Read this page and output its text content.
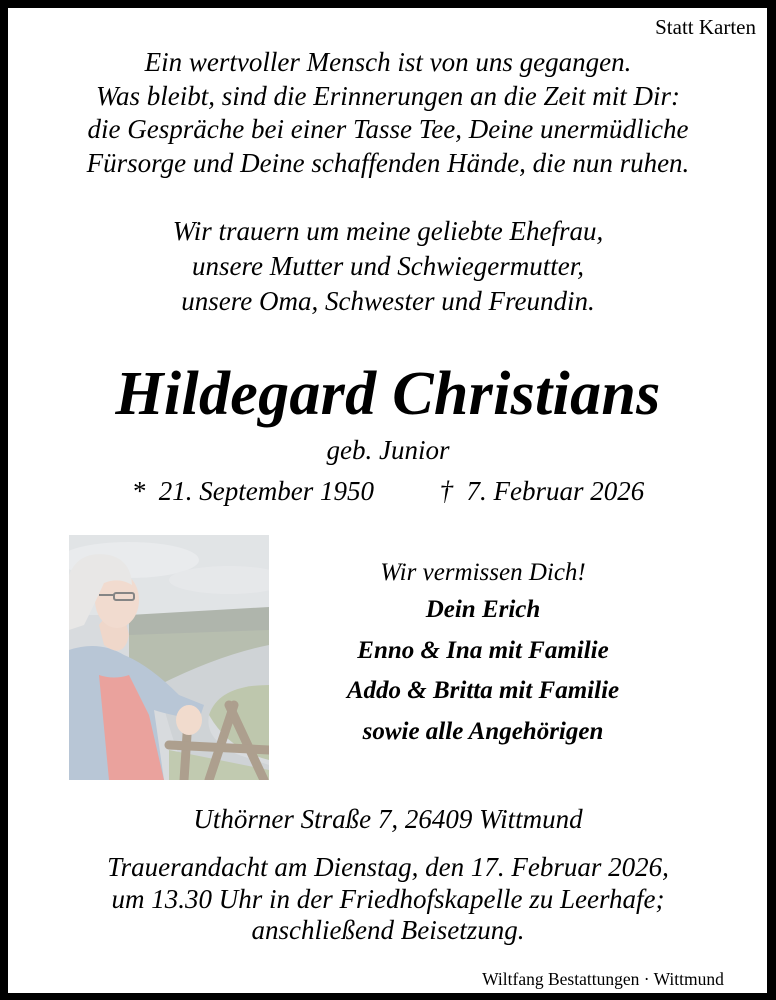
Statt Karten
Ein wertvoller Mensch ist von uns gegangen.
Was bleibt, sind die Erinnerungen an die Zeit mit Dir:
die Gespräche bei einer Tasse Tee, Deine unermüdliche
Fürsorge und Deine schaffenden Hände, die nun ruhen.
Wir trauern um meine geliebte Ehefrau,
unsere Mutter und Schwiegermutter,
unsere Oma, Schwester und Freundin.
Hildegard Christians
geb. Junior
* 21. September 1950 † 7. Februar 2026
Wir vermissen Dich!
Dein Erich
Enno & Ina mit Familie
Addo & Britta mit Familie
sowie alle Angehörigen
Uthörner Straße 7, 26409 Wittmund
Trauerandacht am Dienstag, den 17. Februar 2026,
um 13.30 Uhr in der Friedhofskapelle zu Leerhafe;
anschließend Beisetzung.
Wiltfang Bestattungen · Wittmund
